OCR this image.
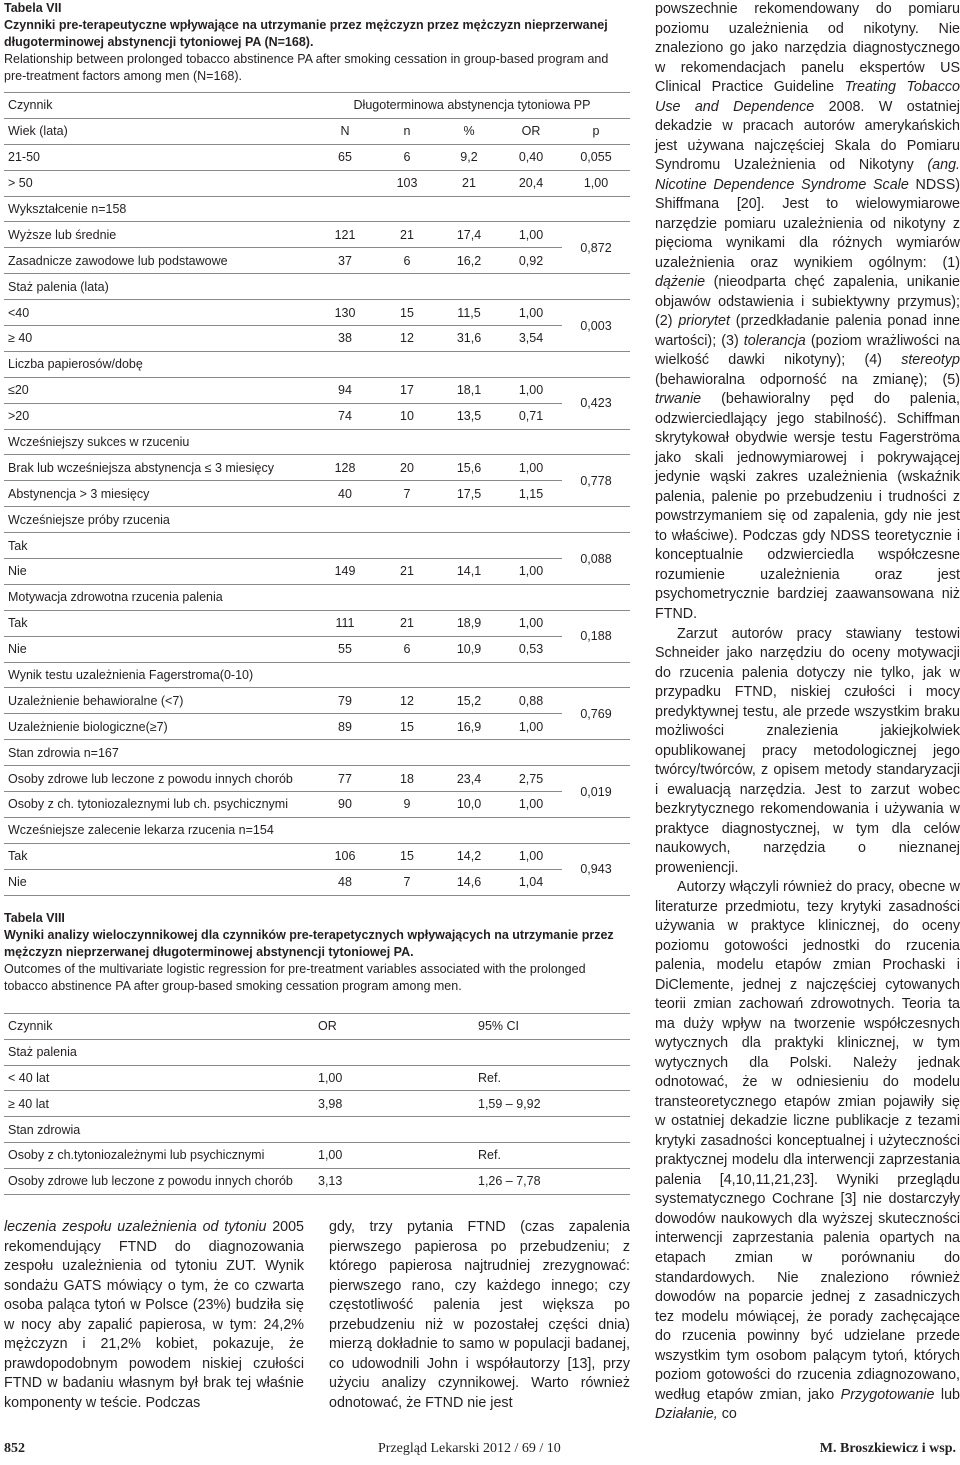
Tabela VII
Czynniki pre-terapeutyczne wpływające na utrzymanie przez mężczyzn przez mężczyzn nieprzerwanej długoterminowej abstynencji tytoniowej PA (N=168).
Relationship between prolonged tobacco abstinence PA after smoking cessation in group-based program and pre-treatment factors among men (N=168).
Czynnik	Długoterminowa abstynencja tytoniowa PP				
Wiek (lata)	N	n	%	OR	p
21-50	65	6	9,2	0,40	0,055
> 50		103	21	20,4	1,00
Wykształcenie n=158					
Wyższe lub średnie	121	21	17,4	1,00	0,872
Zasadnicze zawodowe lub podstawowe	37	6	16,2	0,92	
Staż palenia (lata)					
<40	130	15	11,5	1,00	0,003
≥ 40	38	12	31,6	3,54	
Liczba papierosów/dobę					
≤20	94	17	18,1	1,00	0,423
>20	74	10	13,5	0,71	
Wcześniejszy sukces w rzuceniu					
Brak lub wcześniejsza abstynencja ≤ 3 miesięcy	128	20	15,6	1,00	0,778
Abstynencja > 3 miesięcy	40	7	17,5	1,15	
Wcześniejsze próby rzucenia					
Tak					0,088
Nie	149	21	14,1	1,00	
Motywacja zdrowotna rzucenia palenia					
Tak	111	21	18,9	1,00	0,188
Nie	55	6	10,9	0,53	
Wynik testu uzależnienia Fagerstroma(0-10)					
Uzależnienie behawioralne (<7)	79	12	15,2	0,88	0,769
Uzależnienie biologiczne(≥7)	89	15	16,9	1,00	
Stan zdrowia n=167					
Osoby zdrowe lub leczone z powodu innych chorób	77	18	23,4	2,75	0,019
Osoby z ch. tytoniozaleznymi lub ch. psychicznymi	90	9	10,0	1,00	
Wcześniejsze zalecenie lekarza rzucenia n=154					
Tak	106	15	14,2	1,00	0,943
Nie	48	7	14,6	1,04	
Tabela VIII
Wyniki analizy wieloczynnikowej dla czynników pre-terapetycznych wpływających na utrzymanie przez mężczyzn nieprzerwanej długoterminowej abstynencji tytoniowej PA.
Outcomes of the multivariate logistic regression for pre-treatment variables associated with the prolonged tobacco abstinence PA after group-based smoking cessation program among men.
Czynnik	OR	95% CI
Staż palenia		
< 40 lat	1,00	Ref.
≥ 40 lat	3,98	1,59 – 9,92
Stan zdrowia		
Osoby z ch.tytoniozależnymi lub psychicznymi	1,00	Ref.
Osoby zdrowe lub leczone z powodu innych chorób	3,13	1,26 – 7,78
leczenia zespołu uzależnienia od tytoniu 2005 rekomendujący FTND do diagnozowania zespołu uzależnienia od tytoniu ZUT. Wynik sondażu GATS mówiący o tym, że co czwarta osoba paląca tytoń w Polsce (23%) budziła się w nocy aby zapalić papierosa, w tym: 24,2% mężczyzn i 21,2% kobiet, pokazuje, że prawdopodobnym powodem niskiej czułości FTND w badaniu własnym był brak tej właśnie komponenty w teście. Podczas
gdy, trzy pytania FTND (czas zapalenia pierwszego papierosa po przebudzeniu; z którego papierosa najtrudniej zrezygnować: pierwszego rano, czy każdego innego; czy częstotliwość palenia jest większa po przebudzeniu niż w pozostałej części dnia) mierzą dokładnie to samo w populacji badanej, co udowodnili John i współautorzy [13], przy użyciu analizy czynnikowej. Warto również odnotować, że FTND nie jest

powszechnie rekomendowany do pomiaru poziomu uzależnienia od nikotyny. Nie znaleziono go jako narzędzia diagnostycznego w rekomendacjach panelu ekspertów US Clinical Practice Guideline Treating Tobacco Use and Dependence 2008. W ostatniej dekadzie w pracach autorów amerykańskich jest używana najczęściej Skala do Pomiaru Syndromu Uzależnienia od Nikotyny (ang. Nicotine Dependence Syndrome Scale NDSS) Shiffmana [20]. Jest to wielowymiarowe narzędzie pomiaru uzależnienia od nikotyny z pięcioma wynikami dla różnych wymiarów uzależnienia oraz wynikiem ogólnym: (1) dążenie (nieodparta chęć zapalenia, unikanie objawów odstawienia i subiektywny przymus); (2) priorytet (przedkładanie palenia ponad inne wartości); (3) tolerancja (poziom wrażliwości na wielkość dawki nikotyny); (4) stereotyp (behawioralna odporność na zmianę); (5) trwanie (behawioralny pęd do palenia, odzwierciedlający jego stabilność). Schiffman skrytykował obydwie wersje testu Fagerströma jako skali jednowymiarowej i pokrywającej jedynie wąski zakres uzależnienia (wskaźnik palenia, palenie po przebudzeniu i trudności z powstrzymaniem się od zapalenia, gdy nie jest to właściwe). Podczas gdy NDSS teoretycznie i konceptualnie odzwierciedla współczesne rozumienie uzależnienia oraz jest psychometrycznie bardziej zaawansowana niż FTND.

Zarzut autorów pracy stawiany testowi Schneider jako narzędziu do oceny motywacji do rzucenia palenia dotyczy nie tylko, jak w przypadku FTND, niskiej czułości i mocy predyktywnej testu, ale przede wszystkim braku możliwości znalezienia jakiejkolwiek opublikowanej pracy metodologicznej jego twórcy/twórców, z opisem metody standaryzacji i ewaluacją narzędzia. Jest to zarzut wobec bezkrytycznego rekomendowania i używania w praktyce diagnostycznej, w tym dla celów naukowych, narzędzia o nieznanej proweniencji.

Autorzy włączyli również do pracy, obecne w literaturze przedmiotu, tezy krytyki zasadności używania w praktyce klinicznej, do oceny poziomu gotowości jednostki do rzucenia palenia, modelu etapów zmian Prochaski i DiClemente, jednej z najczęściej cytowanych teorii zmian zachowań zdrowotnych. Teoria ta ma duży wpływ na tworzenie współczesnych wytycznych dla praktyki klinicznej, w tym wytycznych dla Polski. Należy jednak odnotować, że w odniesieniu do modelu transteoretycznego etapów zmian pojawiły się w ostatniej dekadzie liczne publikacje z tezami krytyki zasadności konceptualnej i użyteczności praktycznej modelu dla interwencji zaprzestania palenia [4,10,11,21,23]. Wyniki przeglądu systematycznego Cochrane [3] nie dostarczyły dowodów naukowych dla wyższej skuteczności interwencji zaprzestania palenia opartych na etapach zmian w porównaniu do standardowych. Nie znaleziono również dowodów na poparcie jednej z zasadniczych tez modelu mówiącej, że porady zachęcające do rzucenia powinny być udzielane przede wszystkim tym osobom palącym tytoń, których poziom gotowości do rzucenia zdiagnozowano, według etapów zmian, jako Przygotowanie lub Działanie, co

852	Przegląd Lekarski 2012 / 69 / 10	M. Broszkiewicz i wsp.
